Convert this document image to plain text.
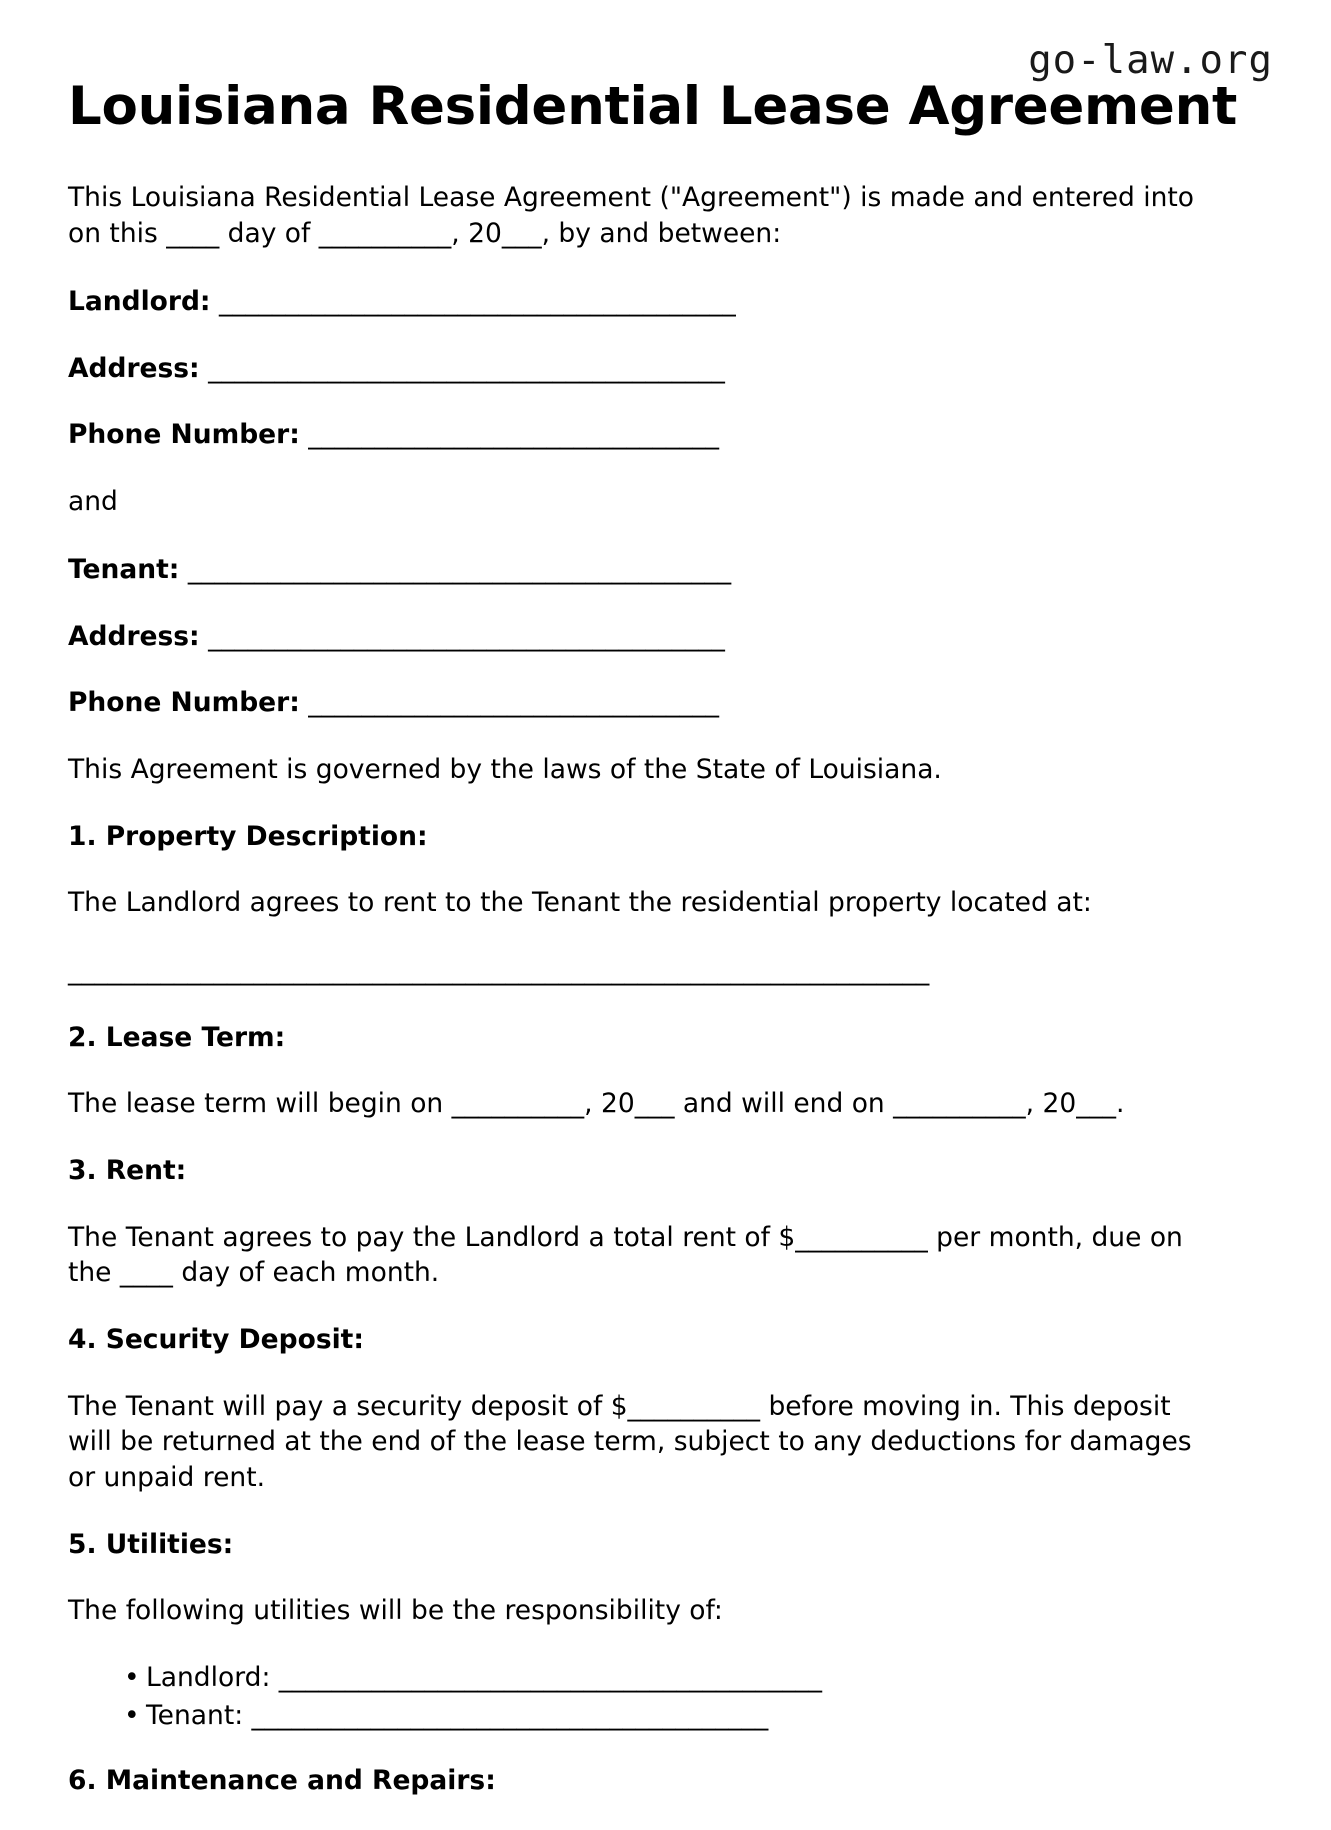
go-law.org
Louisiana Residential Lease Agreement

This Louisiana Residential Lease Agreement ("Agreement") is made and entered into on this ____ day of __________, 20___, by and between:

Landlord: _______________________________________
Address: _______________________________________
Phone Number: _______________________________

and

Tenant: _________________________________________
Address: _______________________________________
Phone Number: _______________________________

This Agreement is governed by the laws of the State of Louisiana.

1. Property Description:

The Landlord agrees to rent to the Tenant the residential property located at:

_________________________________________________________________
2. Lease Term:

The lease term will begin on __________, 20___ and will end on __________, 20___.

3. Rent:

The Tenant agrees to pay the Landlord a total rent of $__________ per month, due on the ____ day of each month.

4. Security Deposit:

The Tenant will pay a security deposit of $__________ before moving in. This deposit will be returned at the end of the lease term, subject to any deductions for damages or unpaid rent.

5. Utilities:

The following utilities will be the responsibility of:

• Landlord: _________________________________________
• Tenant: _______________________________________
6. Maintenance and Repairs:
